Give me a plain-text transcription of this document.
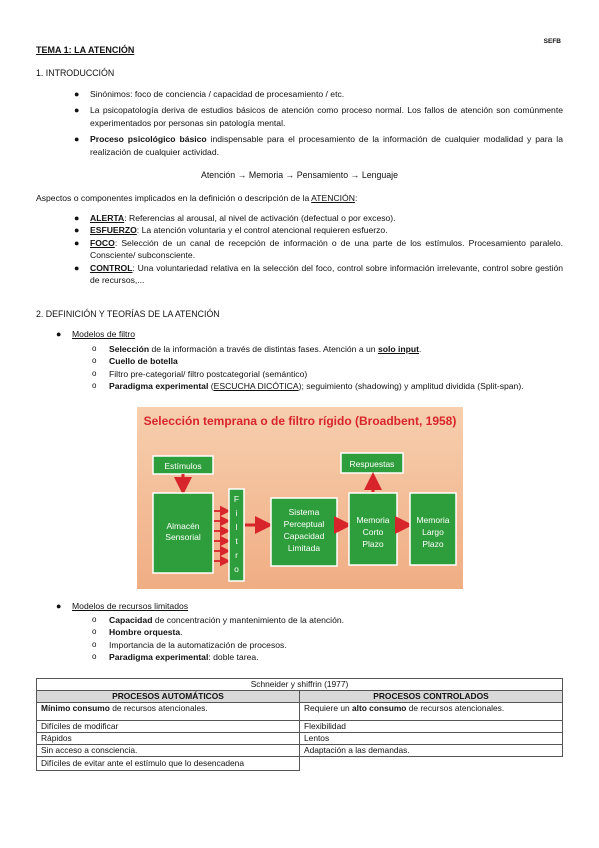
SEFB
TEMA 1: LA ATENCIÓN
1. INTRODUCCIÓN
● Sinónimos: foco de conciencia / capacidad de procesamiento / etc.
● La psicopatología deriva de estudios básicos de atención como proceso normal. Los fallos de atención son comúnmente experimentados por personas sin patología mental.
● Proceso psicológico básico indispensable para el procesamiento de la información de cualquier modalidad y para la realización de cualquier actividad.
Atención → Memoria → Pensamiento → Lenguaje
Aspectos o componentes implicados en la definición o descripción de la ATENCIÓN:
● ALERTA: Referencias al arousal, al nivel de activación (defectual o por exceso).
● ESFUERZO: La atención voluntaria y el control atencional requieren esfuerzo.
● FOCO: Selección de un canal de recepción de información o de una parte de los estímulos. Procesamiento paralelo. Consciente/ subconsciente.
● CONTROL: Una voluntariedad relativa en la selección del foco, control sobre información irrelevante, control sobre gestión de recursos,...
2. DEFINICIÓN Y TEORÍAS DE LA ATENCIÓN
● Modelos de filtro
o Selección de la información a través de distintas fases. Atención a un solo input.
o Cuello de botella
o Filtro pre-categorial/ filtro postcategorial (semántico)
o Paradigma experimental (ESCUCHA DICÓTICA); seguimiento (shadowing) y amplitud dividida (Split-span).
Selección temprana o de filtro rígido (Broadbent, 1958)
Estímulos
Almacén Sensorial
F
i
l
t
r
o
Sistema Perceptual Capacidad Limitada
Memoria Corto Plazo
Memoria Largo Plazo
Respuestas
● Modelos de recursos limitados
o Capacidad de concentración y mantenimiento de la atención.
o Hombre orquesta.
o Importancia de la automatización de procesos.
o Paradigma experimental: doble tarea.
Schneider y shiffrin (1977)	
PROCESOS AUTOMÁTICOS	PROCESOS CONTROLADOS
Mínimo consumo de recursos atencionales.	Requiere un alto consumo de recursos atencionales.
Difíciles de modificar	Flexibilidad
Rápidos	Lentos
Sin acceso a consciencia.	Adaptación a las demandas.
Difíciles de evitar ante el estímulo que lo desencadena	
